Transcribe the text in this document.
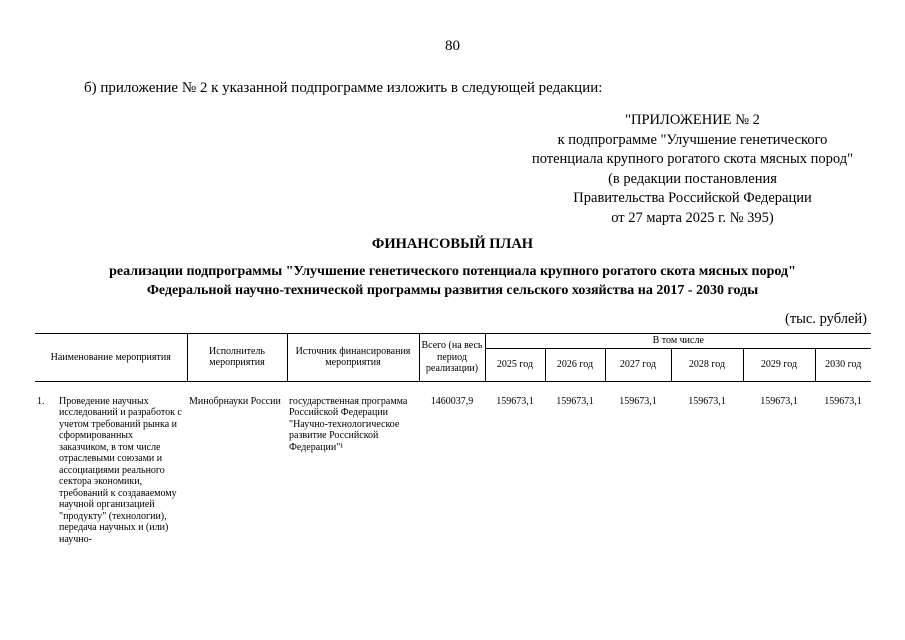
80
б) приложение № 2 к указанной подпрограмме изложить в следующей редакции:
"ПРИЛОЖЕНИЕ № 2
к подпрограмме "Улучшение генетического
потенциала крупного рогатого скота мясных пород"
(в редакции постановления
Правительства Российской Федерации
от 27 марта 2025 г. № 395)
ФИНАНСОВЫЙ ПЛАН
реализации подпрограммы "Улучшение генетического потенциала крупного рогатого скота мясных пород"
Федеральной научно-технической программы развития сельского хозяйства на 2017 - 2030 годы
(тыс. рублей)
Наименование мероприятия	Исполнитель мероприятия	Источник финансирования мероприятия	Всего (на весь период реализации)	В том числе					
				2025 год	2026 год	2027 год	2028 год	2029 год	2030 год

1. Проведение научных исследований и разработок с учетом требований рынка и сформированных заказчиком, в том числе отраслевыми союзами и ассоциациями реального сектора экономики, требований к создаваемому научной организацией "продукту" (технологии), передача научных и (или) научно-	Минобрнауки России	государственная программа Российской Федерации "Научно-технологическое развитие Российской Федерации"¹	1460037,9	159673,1	159673,1	159673,1	159673,1	159673,1	159673,1
